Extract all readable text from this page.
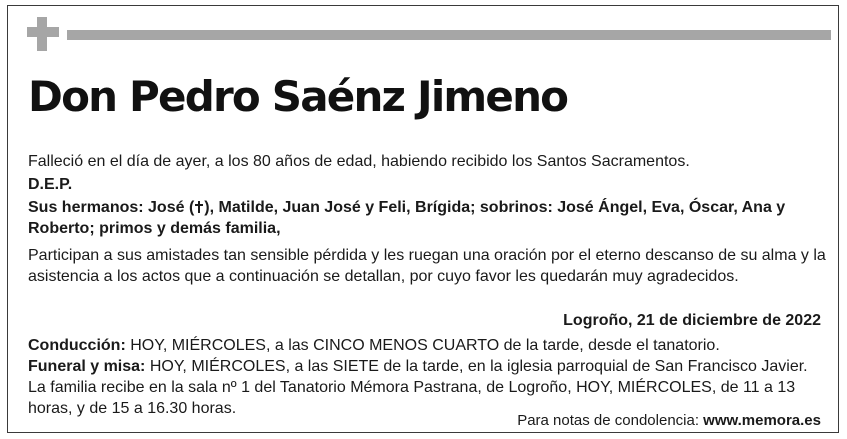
Don Pedro Saénz Jimeno

Falleció en el día de ayer, a los 80 años de edad, habiendo recibido los Santos Sacramentos.

D.E.P.

Sus hermanos: José ( ), Matilde, Juan José y Feli, Brígida; sobrinos: José Ángel, Eva, Óscar, Ana y Roberto; primos y demás familia,

Participan a sus amistades tan sensible pérdida y les ruegan una oración por el eterno descanso de su alma y la asistencia a los actos que a continuación se detallan, por cuyo favor les quedarán muy agradecidos.

Logroño, 21 de diciembre de 2022

Conducción: HOY, MIÉRCOLES, a las CINCO MENOS CUARTO de la tarde, desde el tanatorio.

Funeral y misa: HOY, MIÉRCOLES, a las SIETE de la tarde, en la iglesia parroquial de San Francisco Javier.

La familia recibe en la sala nº 1 del Tanatorio Mémora Pastrana, de Logroño, HOY, MIÉRCOLES, de 11 a 13 horas, y de 15 a 16.30 horas.

Para notas de condolencia: www.memora.es
